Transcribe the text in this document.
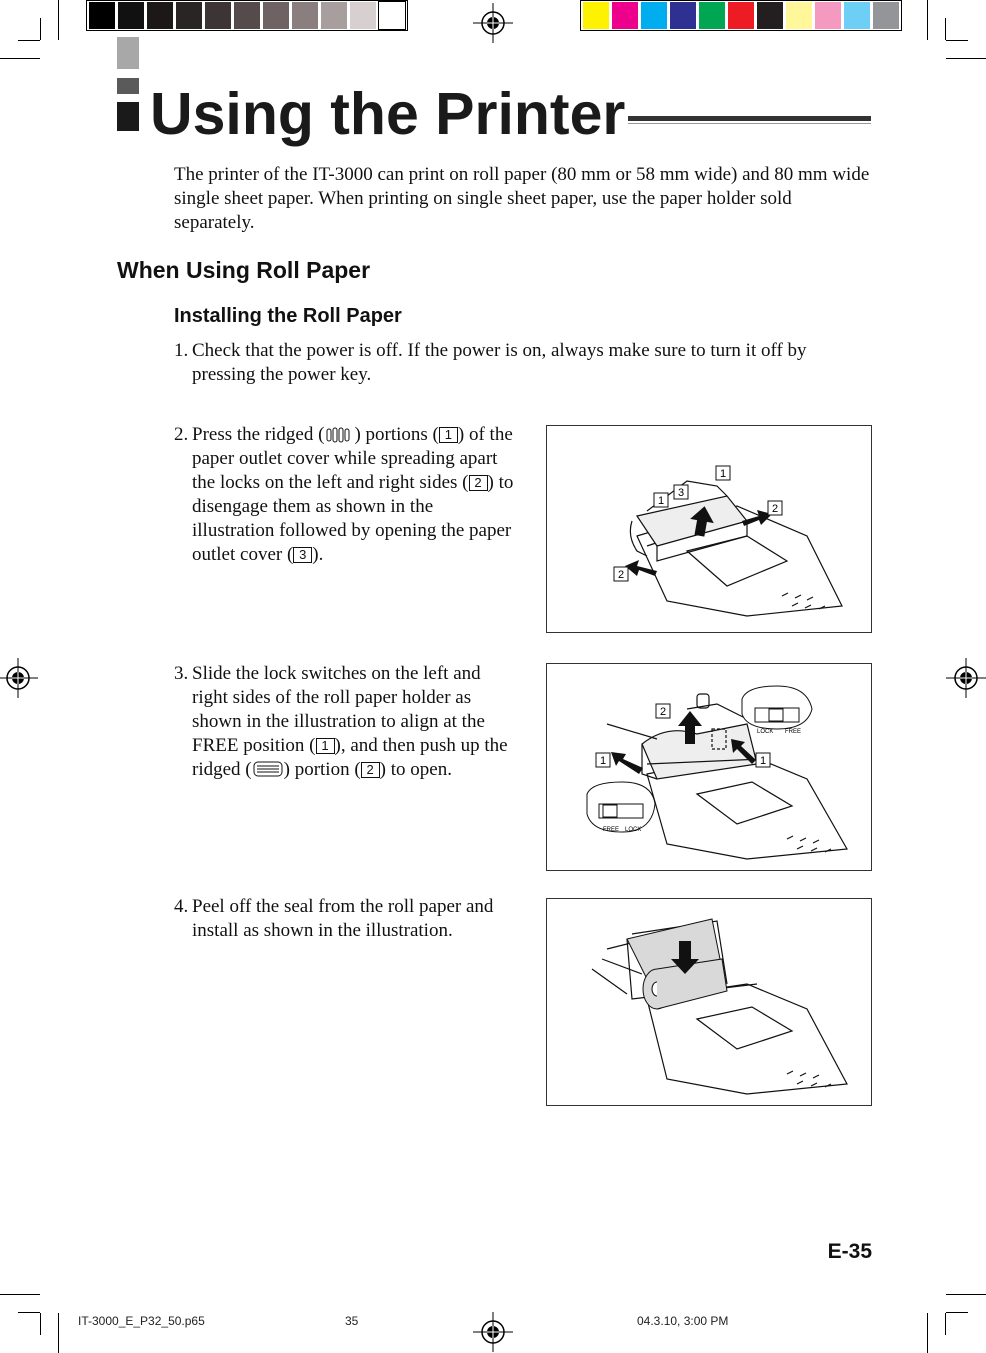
Using the Printer
The printer of the IT-3000 can print on roll paper (80 mm or 58 mm wide) and 80 mm wide single sheet paper. When printing on single sheet paper, use the paper holder sold separately.
When Using Roll Paper
Installing the Roll Paper
1. Check that the power is off. If the power is on, always make sure to turn it off by pressing the power key.
2. Press the ridged ( ) portions ( 1 ) of the paper outlet cover while spreading apart the locks on the left and right sides ( 2 ) to disengage them as shown in the illustration followed by opening the paper outlet cover ( 3 ).
3. Slide the lock switches on the left and right sides of the roll paper holder as shown in the illustration to align at the FREE position ( 1 ), and then push up the ridged ( ) portion ( 2 ) to open.
4. Peel off the seal from the roll paper and install as shown in the illustration.
1
1
3
2
2
LOCK FREE
FREE LOCK
2
1	1
E-35
IT-3000_E_P32_50.p65	35	04.3.10, 3:00 PM
